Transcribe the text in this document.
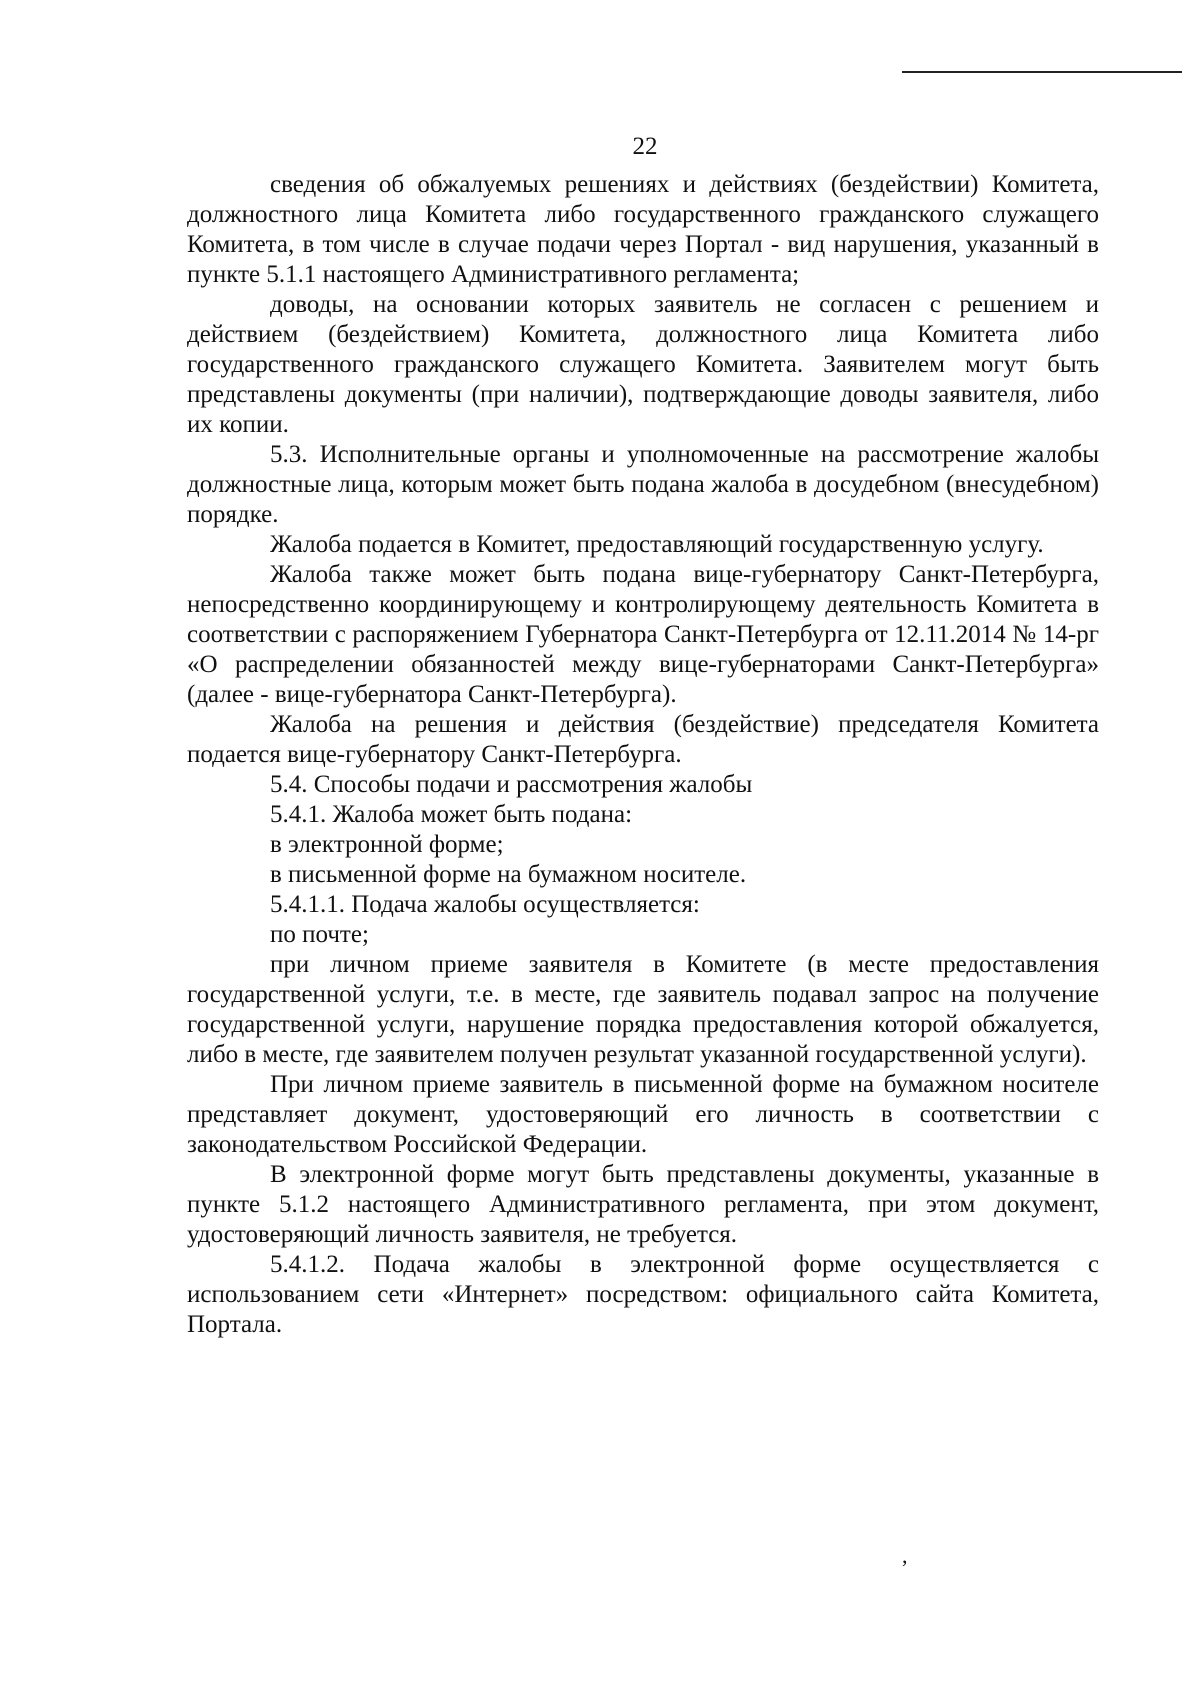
22

сведения об обжалуемых решениях и действиях (бездействии) Комитета, должностного лица Комитета либо государственного гражданского служащего Комитета, в том числе в случае подачи через Портал - вид нарушения, указанный в пункте 5.1.1 настоящего Административного регламента;

доводы, на основании которых заявитель не согласен с решением и действием (бездействием) Комитета, должностного лица Комитета либо государственного гражданского служащего Комитета. Заявителем могут быть представлены документы (при наличии), подтверждающие доводы заявителя, либо их копии.

5.3. Исполнительные органы и уполномоченные на рассмотрение жалобы должностные лица, которым может быть подана жалоба в досудебном (внесудебном) порядке.

Жалоба подается в Комитет, предоставляющий государственную услугу.

Жалоба также может быть подана вице-губернатору Санкт-Петербурга, непосредственно координирующему и контролирующему деятельность Комитета в соответствии с распоряжением Губернатора Санкт-Петербурга от 12.11.2014 № 14-рг «О распределении обязанностей между вице-губернаторами Санкт-Петербурга» (далее - вице-губернатора Санкт-Петербурга).

Жалоба на решения и действия (бездействие) председателя Комитета подается вице-губернатору Санкт-Петербурга.

5.4. Способы подачи и рассмотрения жалобы

5.4.1. Жалоба может быть подана:

в электронной форме;

в письменной форме на бумажном носителе.

5.4.1.1. Подача жалобы осуществляется:

по почте;

при личном приеме заявителя в Комитете (в месте предоставления государственной услуги, т.е. в месте, где заявитель подавал запрос на получение государственной услуги, нарушение порядка предоставления которой обжалуется, либо в месте, где заявителем получен результат указанной государственной услуги).

При личном приеме заявитель в письменной форме на бумажном носителе представляет документ, удостоверяющий его личность в соответствии с законодательством Российской Федерации.

В электронной форме могут быть представлены документы, указанные в пункте 5.1.2 настоящего Административного регламента, при этом документ, удостоверяющий личность заявителя, не требуется.

5.4.1.2. Подача жалобы в электронной форме осуществляется с использованием сети «Интернет» посредством: официального сайта Комитета, Портала.

,
